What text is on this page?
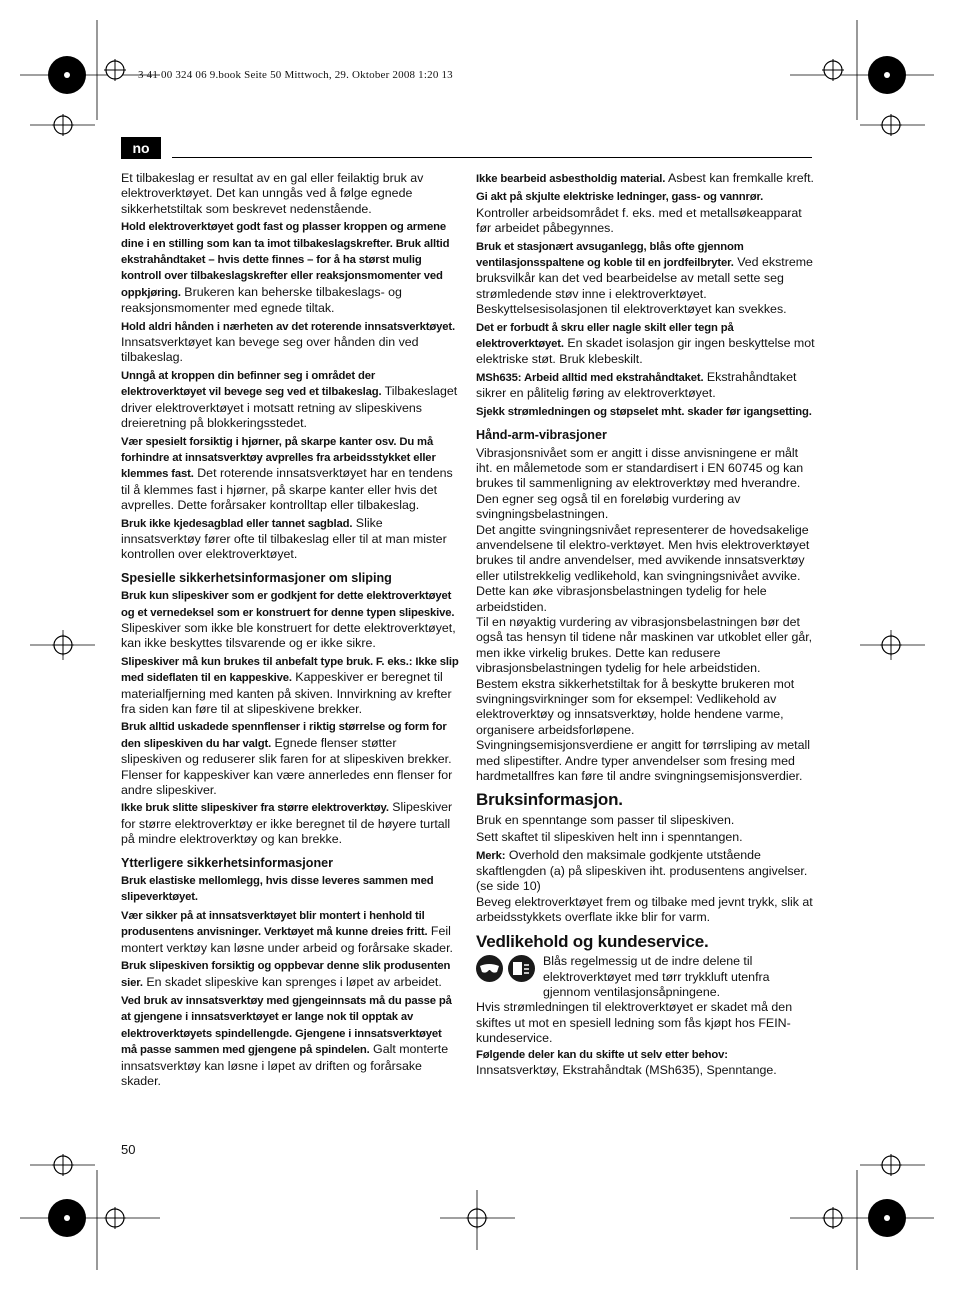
3 41 00 324 06 9.book Seite 50 Mittwoch, 29. Oktober 2008 1:20 13
no

Et tilbakeslag er resultat av en gal eller feilaktig bruk av elektroverktøyet. Det kan unngås ved å følge egnede sikkerhetstiltak som beskrevet nedenstående.

Hold elektroverktøyet godt fast og plasser kroppen og armene dine i en stilling som kan ta imot tilbakeslagskrefter. Bruk alltid ekstrahåndtaket – hvis dette finnes – for å ha størst mulig kontroll over tilbakeslagskrefter eller reaksjonsmomenter ved oppkjøring. Brukeren kan beherske tilbakeslags- og reaksjonsmomenter med egnede tiltak.

Hold aldri hånden i nærheten av det roterende innsatsverktøyet. Innsatsverktøyet kan bevege seg over hånden din ved tilbakeslag.

Unngå at kroppen din befinner seg i området der elektroverktøyet vil bevege seg ved et tilbakeslag. Tilbakeslaget driver elektroverktøyet i motsatt retning av slipeskivens dreieretning på blokkeringsstedet.

Vær spesielt forsiktig i hjørner, på skarpe kanter osv. Du må forhindre at innsatsverktøy avprelles fra arbeidsstykket eller klemmes fast. Det roterende innsatsverktøyet har en tendens til å klemmes fast i hjørner, på skarpe kanter eller hvis det avprelles. Dette forårsaker kontrolltap eller tilbakeslag.

Bruk ikke kjedesagblad eller tannet sagblad. Slike innsatsverktøy fører ofte til tilbakeslag eller til at man mister kontrollen over elektroverktøyet.

Spesielle sikkerhetsinformasjoner om sliping

Bruk kun slipeskiver som er godkjent for dette elektroverktøyet og et vernedeksel som er konstruert for denne typen slipeskive. Slipeskiver som ikke ble konstruert for dette elektroverktøyet, kan ikke beskyttes tilsvarende og er ikke sikre.

Slipeskiver må kun brukes til anbefalt type bruk. F. eks.: Ikke slip med sideflaten til en kappeskive. Kappeskiver er beregnet til materialfjerning med kanten på skiven. Innvirkning av krefter fra siden kan føre til at slipeskivene brekker.

Bruk alltid uskadede spennflenser i riktig størrelse og form for den slipeskiven du har valgt. Egnede flenser støtter slipeskiven og reduserer slik faren for at slipeskiven brekker. Flenser for kappeskiver kan være annerledes enn flenser for andre slipeskiver.

Ikke bruk slitte slipeskiver fra større elektroverktøy. Slipeskiver for større elektroverktøy er ikke beregnet til de høyere turtall på mindre elektroverktøy og kan brekke.

Ytterligere sikkerhetsinformasjoner

Bruk elastiske mellomlegg, hvis disse leveres sammen med slipeverktøyet.

Vær sikker på at innsatsverktøyet blir montert i henhold til produsentens anvisninger. Verktøyet må kunne dreies fritt. Feil montert verktøy kan løsne under arbeid og forårsake skader.

Bruk slipeskiven forsiktig og oppbevar denne slik produsenten sier. En skadet slipeskive kan sprenges i løpet av arbeidet.

Ved bruk av innsatsverktøy med gjengeinnsats må du passe på at gjengene i innsatsverktøyet er lange nok til opptak av elektroverktøyets spindellengde. Gjengene i innsatsverktøyet må passe sammen med gjengene på spindelen. Galt monterte innsatsverktøy kan løsne i løpet av driften og forårsake skader.

Ikke bearbeid asbestholdig material. Asbest kan fremkalle kreft.

Gi akt på skjulte elektriske ledninger, gass- og vannrør. Kontroller arbeidsområdet f. eks. med et metallsøkeapparat før arbeidet påbegynnes.

Bruk et stasjonært avsuganlegg, blås ofte gjennom ventilasjonsspaltene og koble til en jordfeilbryter. Ved ekstreme bruksvilkår kan det ved bearbeidelse av metall sette seg strømledende støv inne i elektroverktøyet. Beskyttelsesisolasjonen til elektroverktøyet kan svekkes.

Det er forbudt å skru eller nagle skilt eller tegn på elektroverktøyet. En skadet isolasjon gir ingen beskyttelse mot elektriske støt. Bruk klebeskilt.

MSh635: Arbeid alltid med ekstrahåndtaket. Ekstrahåndtaket sikrer en pålitelig føring av elektroverktøyet.

Sjekk strømledningen og støpselet mht. skader før igangsetting.

Hånd-arm-vibrasjoner

Vibrasjonsnivået som er angitt i disse anvisningene er målt iht. en målemetode som er standardisert i EN 60745 og kan brukes til sammenligning av elektroverktøy med hverandre. Den egner seg også til en foreløbig vurdering av svingningsbelastningen.

Det angitte svingningsnivået representerer de hovedsakelige anvendelsene til elektro-verktøyet. Men hvis elektroverktøyet brukes til andre anvendelser, med avvikende innsatsverktøy eller utilstrekkelig vedlikehold, kan svingningsnivået avvike. Dette kan øke vibrasjonsbelastningen tydelig for hele arbeidstiden.

Til en nøyaktig vurdering av vibrasjonsbelastningen bør det også tas hensyn til tidene når maskinen var utkoblet eller går, men ikke virkelig brukes. Dette kan redusere vibrasjonsbelastningen tydelig for hele arbeidstiden.

Bestem ekstra sikkerhetstiltak for å beskytte brukeren mot svingningsvirkninger som for eksempel: Vedlikehold av elektroverktøy og innsatsverktøy, holde hendene varme, organisere arbeidsforløpene.

Svingningsemisjonsverdiene er angitt for tørrsliping av metall med slipestifter. Andre typer anvendelser som fresing med hardmetallfres kan føre til andre svingningsemisjonsverdier.

Bruksinformasjon.

Bruk en spenntange som passer til slipeskiven.

Sett skaftet til slipeskiven helt inn i spenntangen.

Merk: Overhold den maksimale godkjente utstående skaftlengden (a) på slipeskiven iht. produsentens angivelser. (se side 10)

Beveg elektroverktøyet frem og tilbake med jevnt trykk, slik at arbeidsstykkets overflate ikke blir for varm.

Vedlikehold og kundeservice.

Blås regelmessig ut de indre delene til elektroverktøyet med tørr trykkluft utenfra gjennom ventilasjonsåpningene.

Hvis strømledningen til elektroverktøyet er skadet må den skiftes ut mot en spesiell ledning som fås kjøpt hos FEIN-kundeservice.

Følgende deler kan du skifte ut selv etter behov:

Innsatsverktøy, Ekstrahåndtak (MSh635), Spenntange.

50
